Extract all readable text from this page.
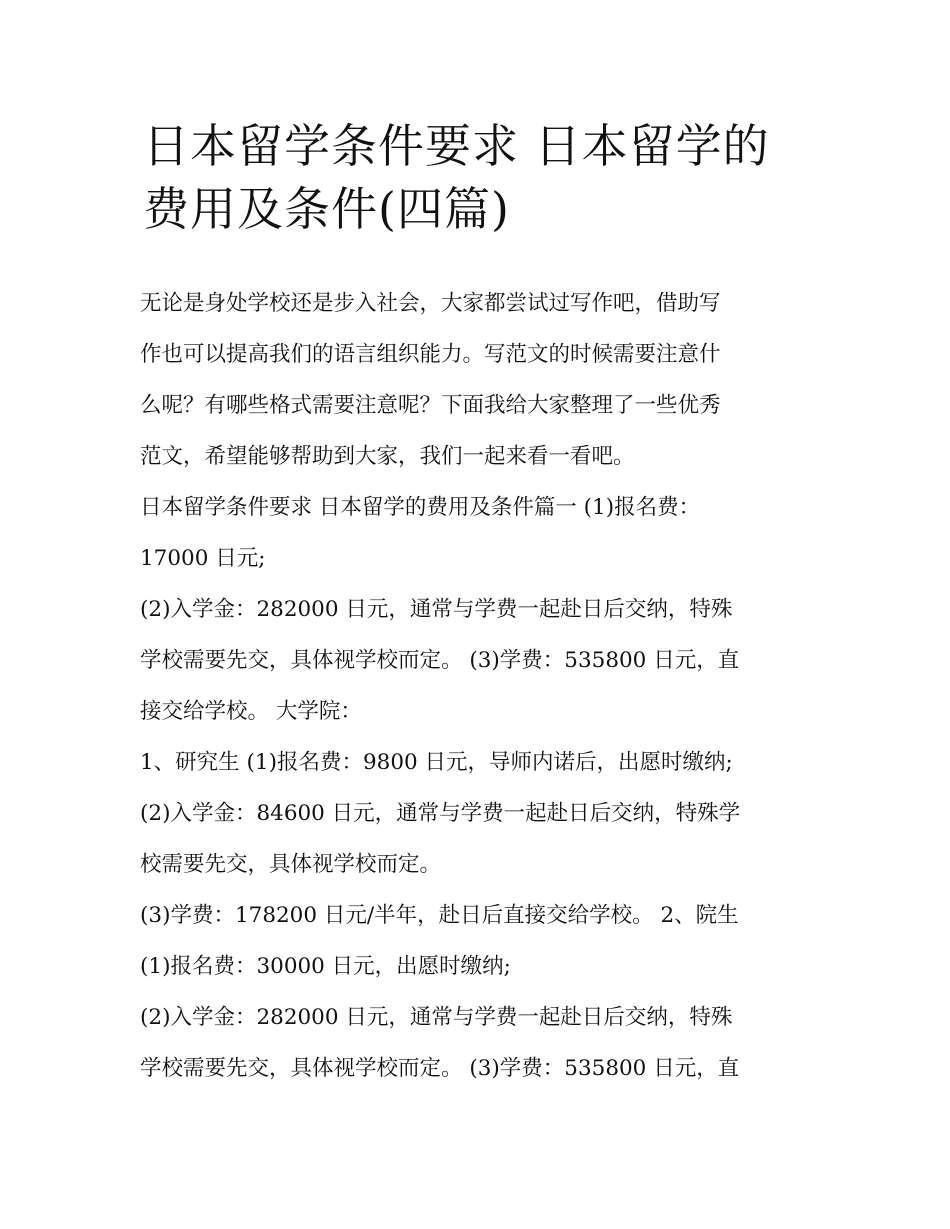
日本留学条件要求 日本留学的
费用及条件(四篇)
无论是身处学校还是步入社会，大家都尝试过写作吧，借助写
作也可以提高我们的语言组织能力。写范文的时候需要注意什
么呢？有哪些格式需要注意呢？下面我给大家整理了一些优秀
范文，希望能够帮助到大家，我们一起来看一看吧。
日本留学条件要求 日本留学的费用及条件篇一 (1)报名费：
17000 日元;
(2)入学金：282000 日元，通常与学费一起赴日后交纳，特殊
学校需要先交，具体视学校而定。 (3)学费：535800 日元，直
接交给学校。 大学院：
1、研究生 (1)报名费：9800 日元，导师内诺后，出愿时缴纳;
(2)入学金：84600 日元，通常与学费一起赴日后交纳，特殊学
校需要先交，具体视学校而定。
(3)学费：178200 日元/半年，赴日后直接交给学校。 2、院生
(1)报名费：30000 日元，出愿时缴纳;
(2)入学金：282000 日元，通常与学费一起赴日后交纳，特殊
学校需要先交，具体视学校而定。 (3)学费：535800 日元，直
